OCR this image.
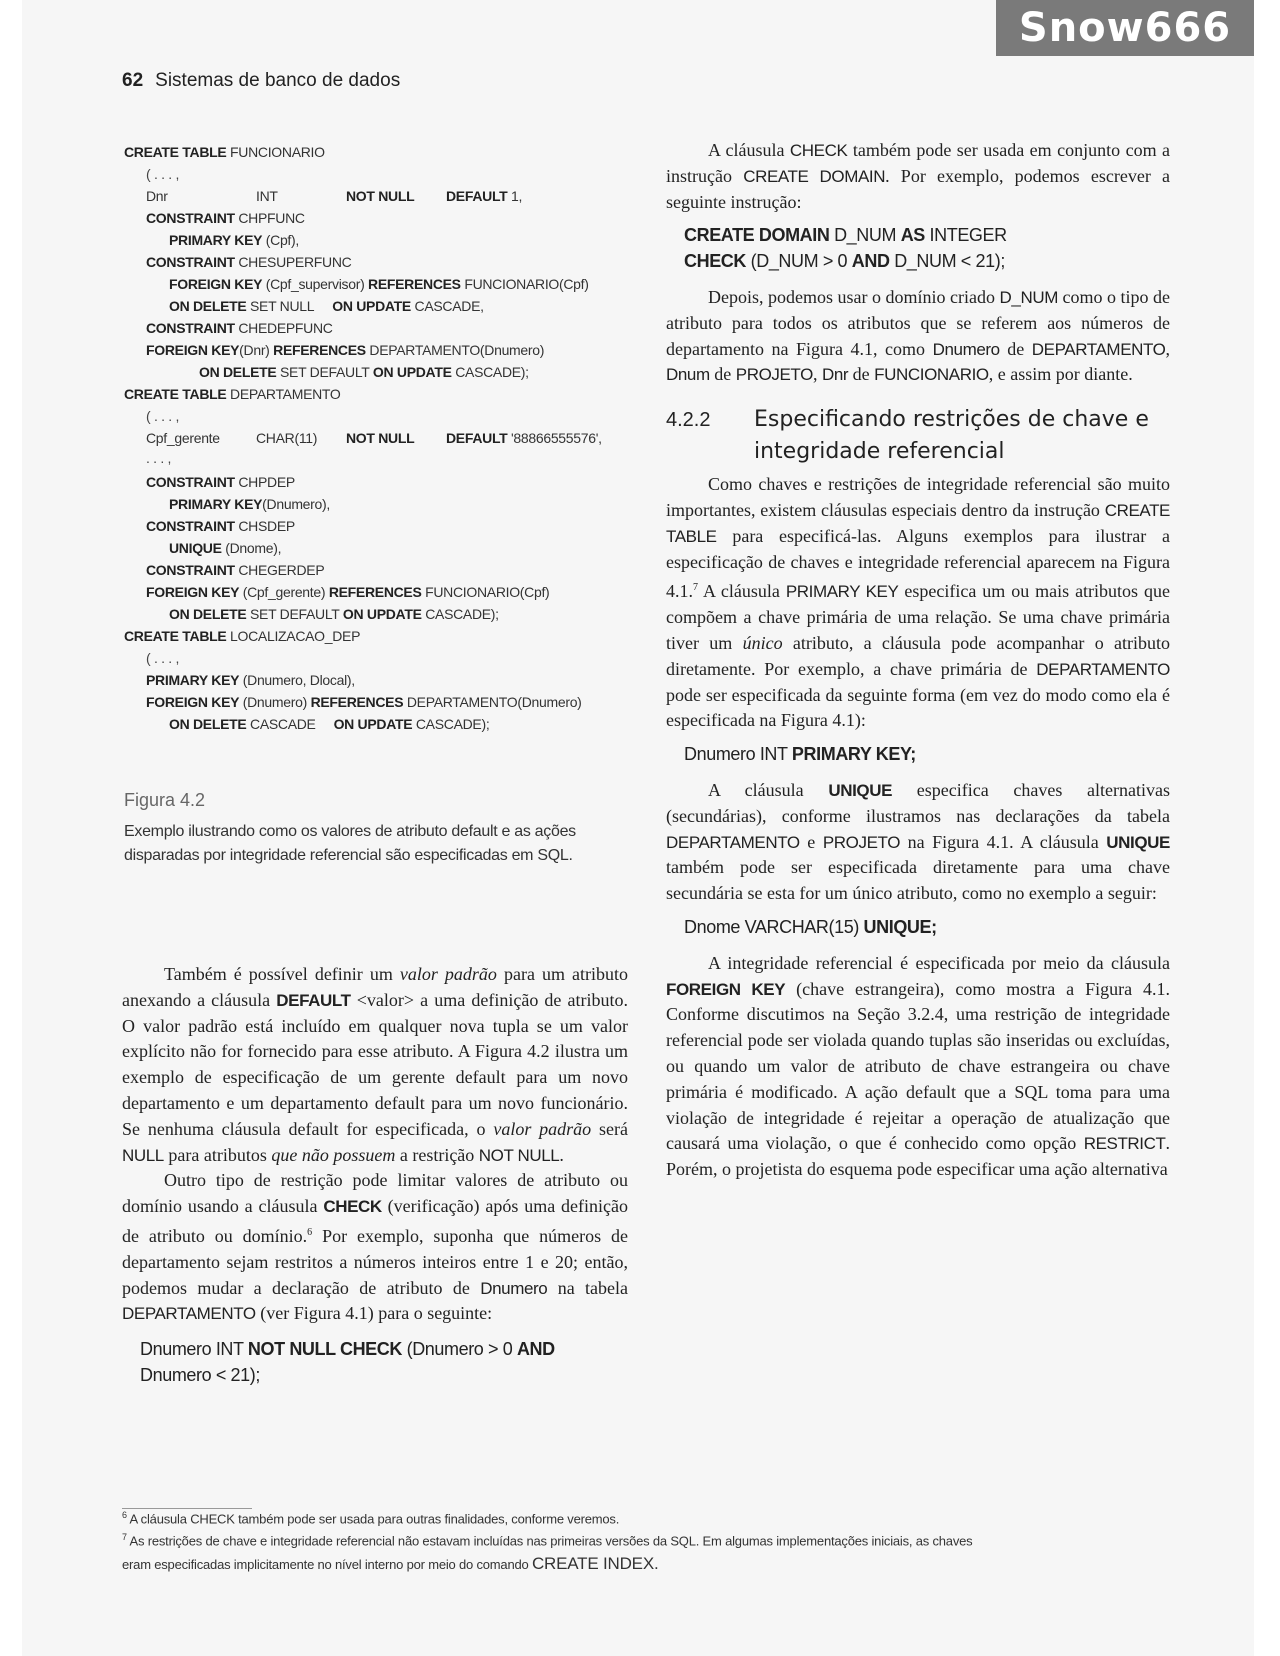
Snow666
62 Sistemas de banco de dados
CREATE TABLE FUNCIONARIO
( . . . ,
Dnr	INT	NOT NULL DEFAULT 1,
CONSTRAINT CHPFUNC
PRIMARY KEY (Cpf),
CONSTRAINT CHESUPERFUNC
FOREIGN KEY (Cpf_supervisor) REFERENCES FUNCIONARIO(Cpf)
ON DELETE SET NULL ON UPDATE CASCADE,
CONSTRAINT CHEDEPFUNC
FOREIGN KEY(Dnr) REFERENCES DEPARTAMENTO(Dnumero)
ON DELETE SET DEFAULT ON UPDATE CASCADE);
CREATE TABLE DEPARTAMENTO
( . . . ,
Cpf_gerente	CHAR(11) NOT NULL DEFAULT '88866555576',
. . . ,
CONSTRAINT CHPDEP
PRIMARY KEY(Dnumero),
CONSTRAINT CHSDEP
UNIQUE (Dnome),
CONSTRAINT CHEGERDEP
FOREIGN KEY (Cpf_gerente) REFERENCES FUNCIONARIO(Cpf)
ON DELETE SET DEFAULT ON UPDATE CASCADE);
CREATE TABLE LOCALIZACAO_DEP
( . . . ,
PRIMARY KEY (Dnumero, Dlocal),
FOREIGN KEY (Dnumero) REFERENCES DEPARTAMENTO(Dnumero)
ON DELETE CASCADE ON UPDATE CASCADE);
Figura 4.2
Exemplo ilustrando como os valores de atributo default e as ações disparadas por integridade referencial são especificadas em SQL.

Também é possível definir um valor padrão para um atributo anexando a cláusula DEFAULT <valor> a uma definição de atributo. O valor padrão está incluído em qualquer nova tupla se um valor explícito não for fornecido para esse atributo. A Figura 4.2 ilustra um exemplo de especificação de um gerente default para um novo departamento e um departamento default para um novo funcionário. Se nenhuma cláusula default for especificada, o valor padrão será NULL para atributos que não possuem a restrição NOT NULL.

Outro tipo de restrição pode limitar valores de atributo ou domínio usando a cláusula CHECK (verificação) após uma definição de atributo ou domínio.$^6$ Por exemplo, suponha que números de departamento sejam restritos a números inteiros entre 1 e 20; então, podemos mudar a declaração de atributo de Dnumero na tabela DEPARTAMENTO (ver Figura 4.1) para o seguinte:

Dnumero INT NOT NULL CHECK (Dnumero > 0 AND
Dnumero < 21);

A cláusula CHECK também pode ser usada em conjunto com a instrução CREATE DOMAIN. Por exemplo, podemos escrever a seguinte instrução:

CREATE DOMAIN D_NUM AS INTEGER
CHECK (D_NUM > 0 AND D_NUM < 21);

Depois, podemos usar o domínio criado D_NUM como o tipo de atributo para todos os atributos que se referem aos números de departamento na Figura 4.1, como Dnumero de DEPARTAMENTO, Dnum de PROJETO, Dnr de FUNCIONARIO, e assim por diante.

4.2.2 Especificando restrições de chave e integridade referencial

Como chaves e restrições de integridade referencial são muito importantes, existem cláusulas especiais dentro da instrução CREATE TABLE para especificá-las. Alguns exemplos para ilustrar a especificação de chaves e integridade referencial aparecem na Figura 4.1.$^7$ A cláusula PRIMARY KEY especifica um ou mais atributos que compõem a chave primária de uma relação. Se uma chave primária tiver um único atributo, a cláusula pode acompanhar o atributo diretamente. Por exemplo, a chave primária de DEPARTAMENTO pode ser especificada da seguinte forma (em vez do modo como ela é especificada na Figura 4.1):

Dnumero INT PRIMARY KEY;

A cláusula UNIQUE especifica chaves alternativas (secundárias), conforme ilustramos nas declarações da tabela DEPARTAMENTO e PROJETO na Figura 4.1. A cláusula UNIQUE também pode ser especificada diretamente para uma chave secundária se esta for um único atributo, como no exemplo a seguir:

Dnome VARCHAR(15) UNIQUE;

A integridade referencial é especificada por meio da cláusula FOREIGN KEY (chave estrangeira), como mostra a Figura 4.1. Conforme discutimos na Seção 3.2.4, uma restrição de integridade referencial pode ser violada quando tuplas são inseridas ou excluídas, ou quando um valor de atributo de chave estrangeira ou chave primária é modificado. A ação default que a SQL toma para uma violação de integridade é rejeitar a operação de atualização que causará uma violação, o que é conhecido como opção RESTRICT. Porém, o projetista do esquema pode especificar uma ação alternativa

$^6$ A cláusula CHECK também pode ser usada para outras finalidades, conforme veremos.
$^7$ As restrições de chave e integridade referencial não estavam incluídas nas primeiras versões da SQL. Em algumas implementações iniciais, as chaves
eram especificadas implicitamente no nível interno por meio do comando CREATE INDEX.
